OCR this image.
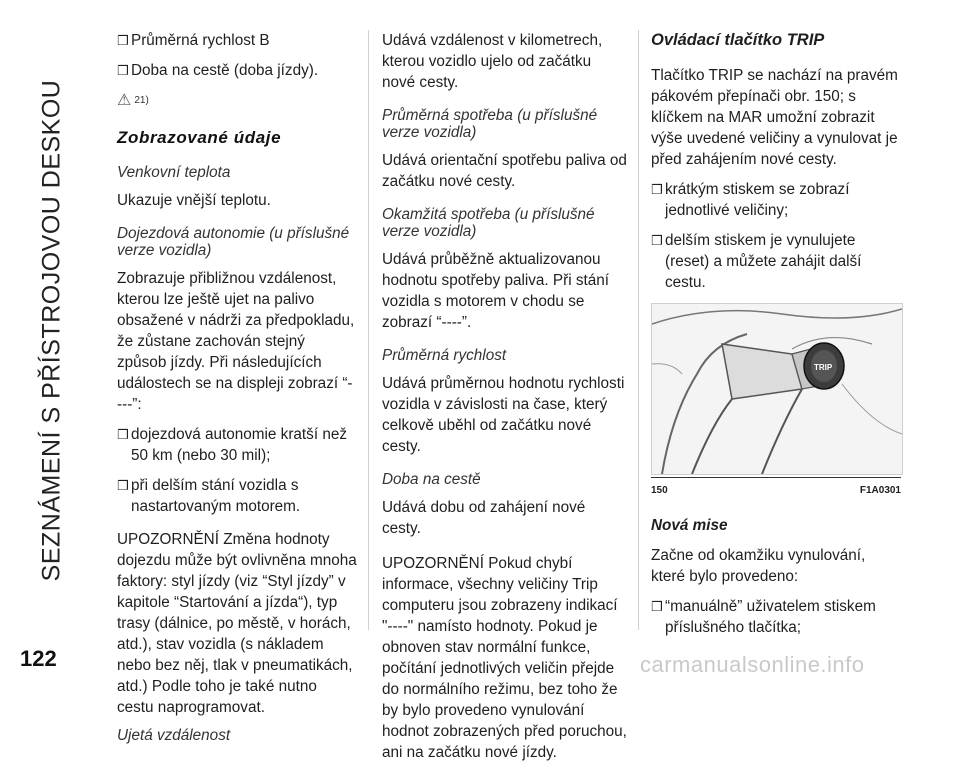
SEZNÁMENÍ S PŘÍSTROJOVOU DESKOU
❒ Průměrná rychlost B
❒ Doba na cestě (doba jízdy).
⚠ 21)
Zobrazované údaje

Venkovní teplota

Ukazuje vnější teplotu.

Dojezdová autonomie (u příslušné verze vozidla)

Zobrazuje přibližnou vzdálenost, kterou lze ještě ujet na palivo obsažené v nádrži za předpokladu, že zůstane zachován stejný způsob jízdy. Při následujících událostech se na displeji zobrazí “----”:

❒ dojezdová autonomie kratší než 50 km (nebo 30 mil);
❒ při delším stání vozidla s nastartovaným motorem.

UPOZORNĚNÍ Změna hodnoty dojezdu může být ovlivněna mnoha faktory: styl jízdy (viz “Styl jízdy” v kapitole “Startování a jízda“), typ trasy (dálnice, po městě, v horách, atd.), stav vozidla (s nákladem nebo bez něj, tlak v pneumatikách, atd.) Podle toho je také nutno cestu naprogramovat.

Ujetá vzdálenost

Udává vzdálenost v kilometrech, kterou vozidlo ujelo od začátku nové cesty.

Průměrná spotřeba (u příslušné verze vozidla)

Udává orientační spotřebu paliva od začátku nové cesty.

Okamžitá spotřeba (u příslušné verze vozidla)

Udává průběžně aktualizovanou hodnotu spotřeby paliva. Při stání vozidla s motorem v chodu se zobrazí “----”.

Průměrná rychlost

Udává průměrnou hodnotu rychlosti vozidla v závislosti na čase, který celkově uběhl od začátku nové cesty.

Doba na cestě

Udává dobu od zahájení nové cesty.

UPOZORNĚNÍ Pokud chybí informace, všechny veličiny Trip computeru jsou zobrazeny indikací "----" namísto hodnoty. Pokud je obnoven stav normální funkce, počítání jednotlivých veličin přejde do normálního režimu, bez toho že by bylo provedeno vynulování hodnot zobrazených před poruchou, ani na začátku nové jízdy.

Ovládací tlačítko TRIP

Tlačítko TRIP se nachází na pravém pákovém přepínači obr. 150; s klíčkem na MAR umožní zobrazit výše uvedené veličiny a vynulovat je před zahájením nové cesty.

❒ krátkým stiskem se zobrazí jednotlivé veličiny;
❒ delším stiskem je vynulujete (reset) a můžete zahájit další cestu.
TRIP
150	F1A0301
Nová mise

Začne od okamžiku vynulování, které bylo provedeno:

❒ “manuálně” uživatelem stiskem příslušného tlačítka;
122	carmanualsonline.info
